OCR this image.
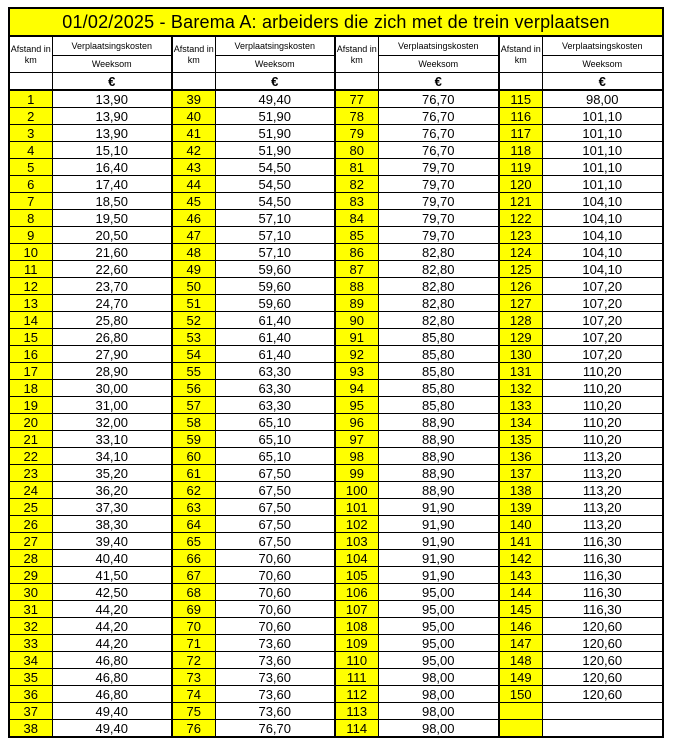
01/02/2025 - Barema A: arbeiders die zich met de trein verplaatsen							
Afstand in km	Verplaatsingskosten	Afstand in km	Verplaatsingskosten	Afstand in km	Verplaatsingskosten	Afstand in km	Verplaatsingskosten
	Weeksom		Weeksom		Weeksom		Weeksom
	€		€		€		€
1	13,90	39	49,40	77	76,70	115	98,00
2	13,90	40	51,90	78	76,70	116	101,10
3	13,90	41	51,90	79	76,70	117	101,10
4	15,10	42	51,90	80	76,70	118	101,10
5	16,40	43	54,50	81	79,70	119	101,10
6	17,40	44	54,50	82	79,70	120	101,10
7	18,50	45	54,50	83	79,70	121	104,10
8	19,50	46	57,10	84	79,70	122	104,10
9	20,50	47	57,10	85	79,70	123	104,10
10	21,60	48	57,10	86	82,80	124	104,10
11	22,60	49	59,60	87	82,80	125	104,10
12	23,70	50	59,60	88	82,80	126	107,20
13	24,70	51	59,60	89	82,80	127	107,20
14	25,80	52	61,40	90	82,80	128	107,20
15	26,80	53	61,40	91	85,80	129	107,20
16	27,90	54	61,40	92	85,80	130	107,20
17	28,90	55	63,30	93	85,80	131	110,20
18	30,00	56	63,30	94	85,80	132	110,20
19	31,00	57	63,30	95	85,80	133	110,20
20	32,00	58	65,10	96	88,90	134	110,20
21	33,10	59	65,10	97	88,90	135	110,20
22	34,10	60	65,10	98	88,90	136	113,20
23	35,20	61	67,50	99	88,90	137	113,20
24	36,20	62	67,50	100	88,90	138	113,20
25	37,30	63	67,50	101	91,90	139	113,20
26	38,30	64	67,50	102	91,90	140	113,20
27	39,40	65	67,50	103	91,90	141	116,30
28	40,40	66	70,60	104	91,90	142	116,30
29	41,50	67	70,60	105	91,90	143	116,30
30	42,50	68	70,60	106	95,00	144	116,30
31	44,20	69	70,60	107	95,00	145	116,30
32	44,20	70	70,60	108	95,00	146	120,60
33	44,20	71	73,60	109	95,00	147	120,60
34	46,80	72	73,60	110	95,00	148	120,60
35	46,80	73	73,60	111	98,00	149	120,60
36	46,80	74	73,60	112	98,00	150	120,60
37	49,40	75	73,60	113	98,00		
38	49,40	76	76,70	114	98,00		
